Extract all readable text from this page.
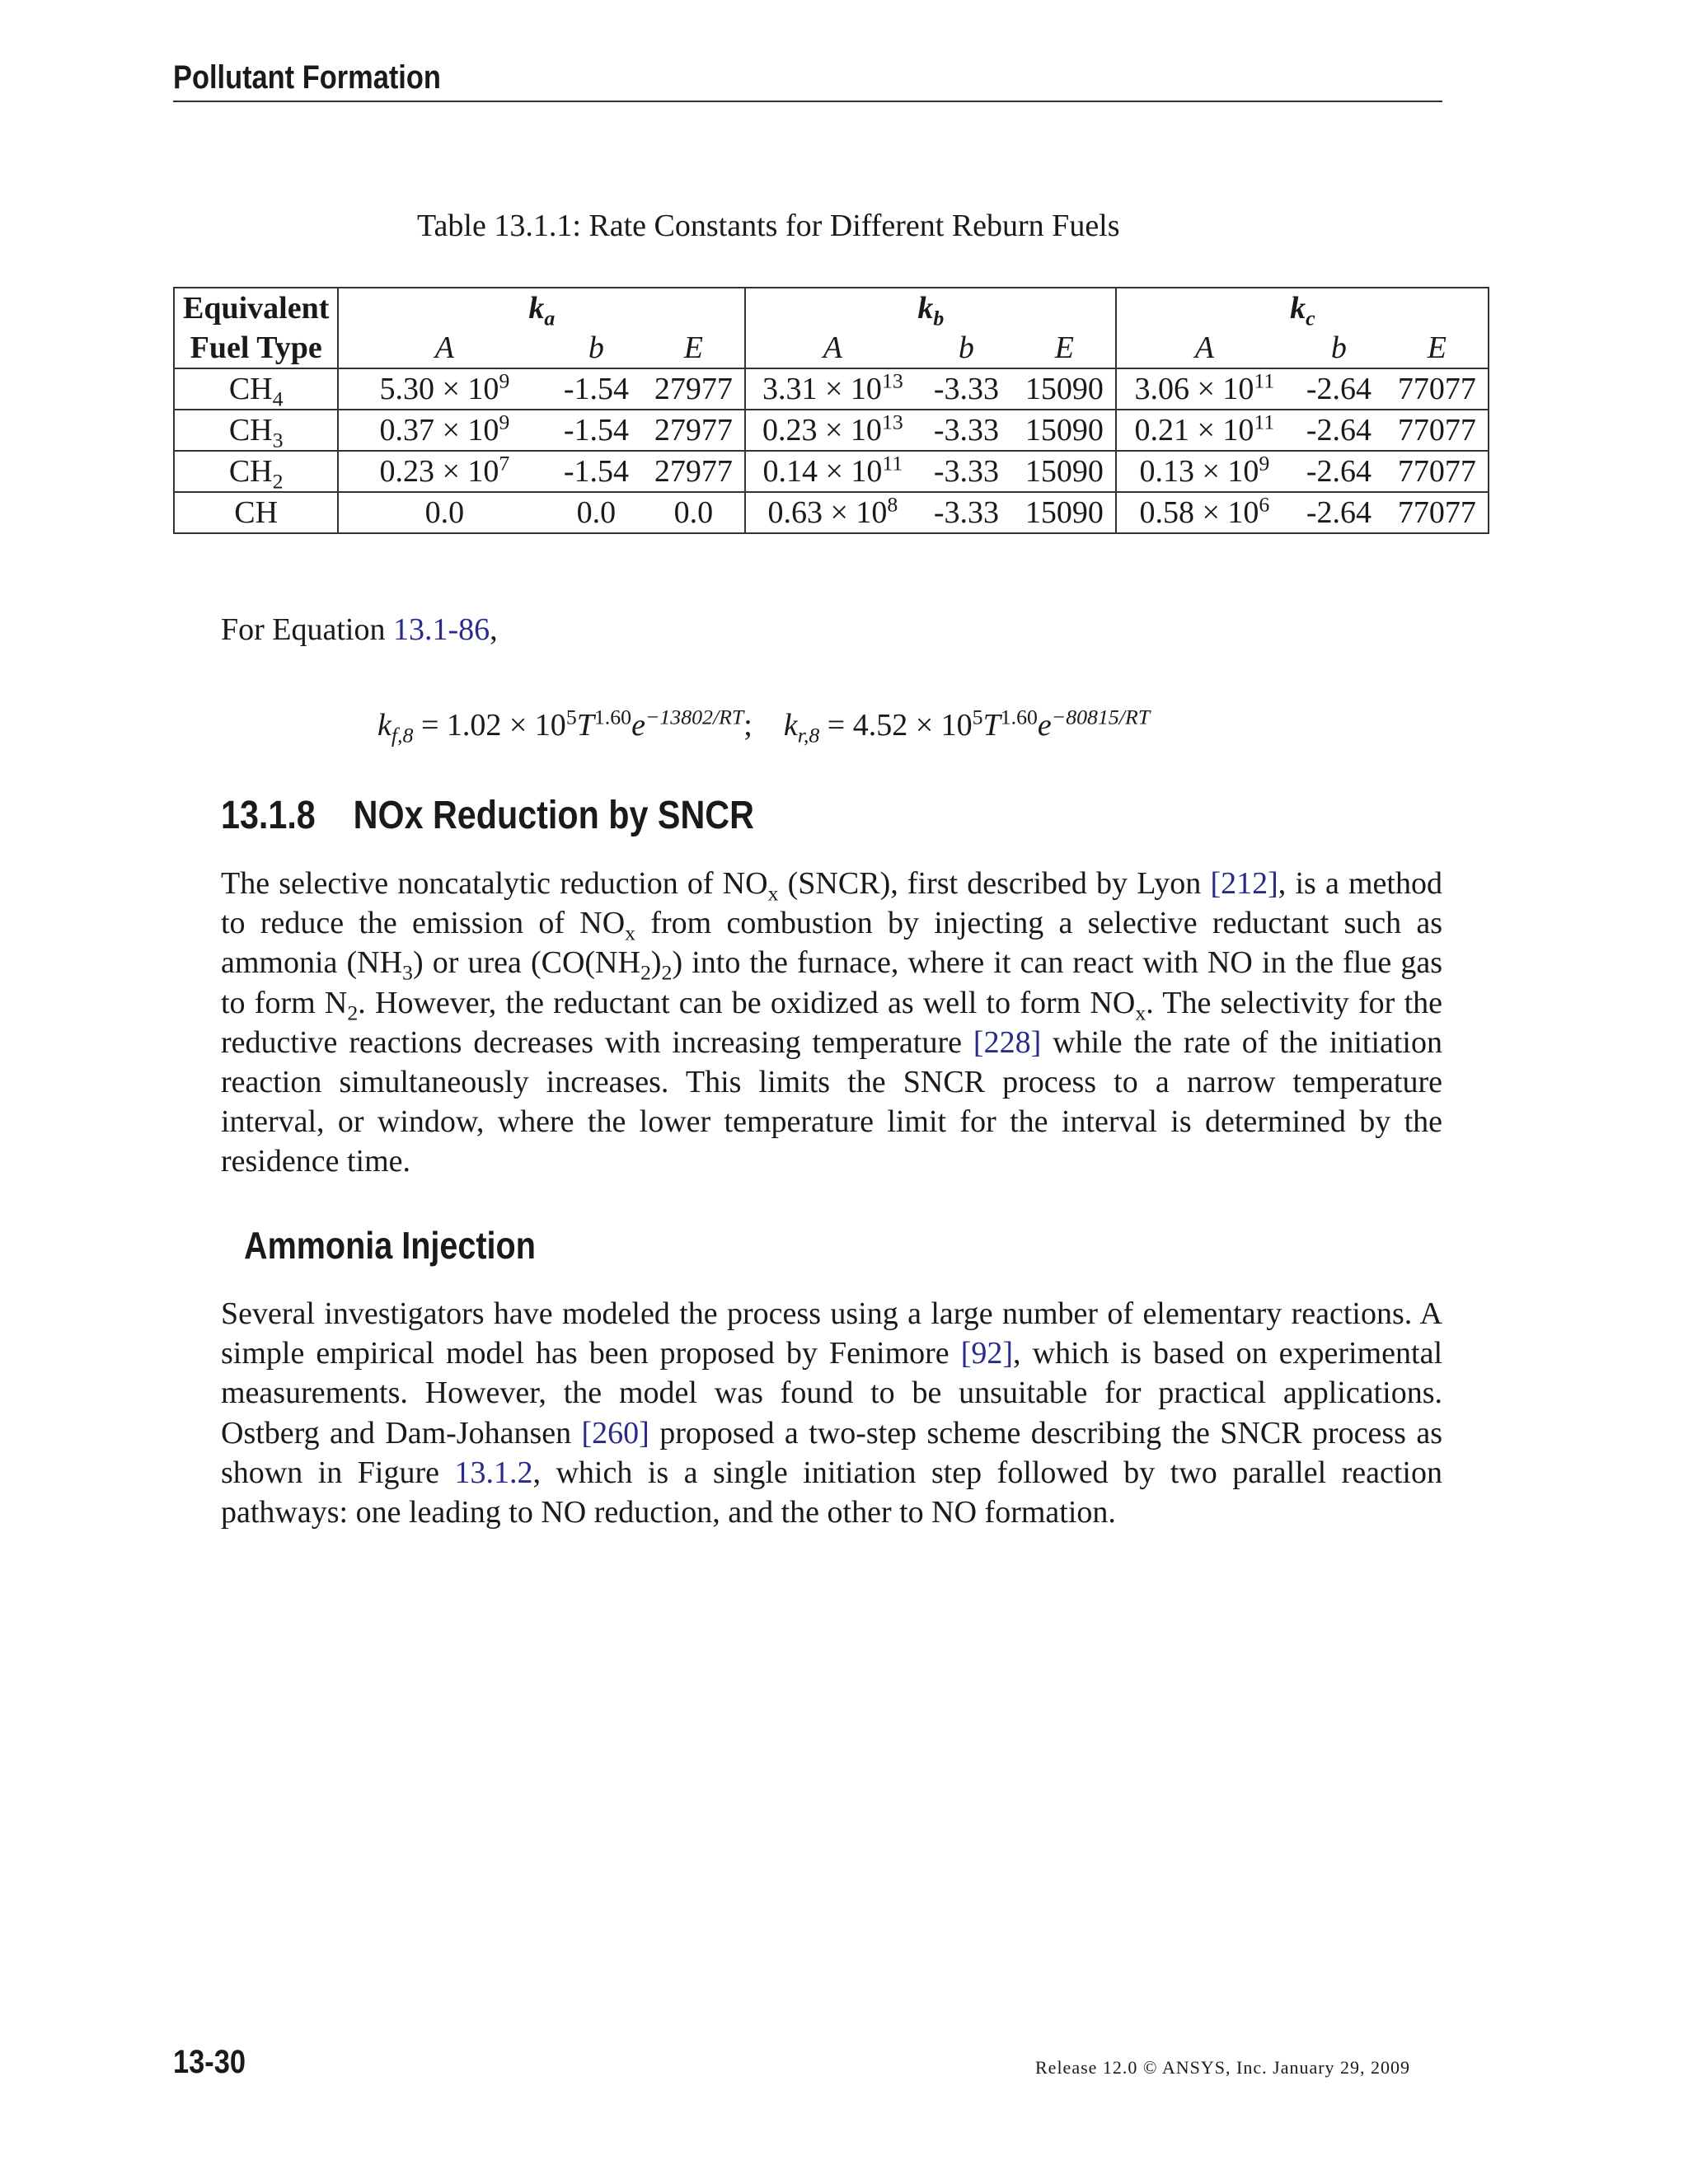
Pollutant Formation
Table 13.1.1: Rate Constants for Different Reburn Fuels
Equivalent	$k_a$			$k_b$			$k_c$
Fuel Type	A	b	E	A	b	E	A	b	E
$CH_4$	$5.30 \times 10^9$	-1.54	27977	$3.31 \times 10^{13}$	-3.33	15090	$3.06 \times 10^{11}$	-2.64	77077
$CH_3$	$0.37 \times 10^9$	-1.54	27977	$0.23 \times 10^{13}$	-3.33	15090	$0.21 \times 10^{11}$	-2.64	77077
$CH_2$	$0.23 \times 10^7$	-1.54	27977	$0.14 \times 10^{11}$	-3.33	15090	$0.13 \times 10^9$	-2.64	77077
CH	0.0	0.0	0.0	$0.63 \times 10^8$	-3.33	15090	$0.58 \times 10^6$	-2.64	77077
For Equation 13.1-86,
$k_{f,8} = 1.02 \times 10^5T^{1.60}e^{-13802/RT}$; $k_{r,8} = 4.52 \times 10^5T^{1.60}e^{-80815/RT}$
13.1.8 NOx Reduction by SNCR

The selective noncatalytic reduction of $NO_x$ (SNCR), first described by Lyon [212], is a method to reduce the emission of $NO_x$ from combustion by injecting a selective reductant such as ammonia $(NH_3)$ or urea $(CO(NH_2)_2)$ into the furnace, where it can react with NO in the flue gas to form $N_2$. However, the reductant can be oxidized as well to form $NO_x$. The selectivity for the reductive reactions decreases with increasing temperature [228] while the rate of the initiation reaction simultaneously increases. This limits the SNCR process to a narrow temperature interval, or window, where the lower temperature limit for the interval is determined by the residence time.

Ammonia Injection

Several investigators have modeled the process using a large number of elementary reactions. A simple empirical model has been proposed by Fenimore [92], which is based on experimental measurements. However, the model was found to be unsuitable for practical applications. Ostberg and Dam-Johansen [260] proposed a two-step scheme describing the SNCR process as shown in Figure 13.1.2, which is a single initiation step followed by two parallel reaction pathways: one leading to NO reduction, and the other to NO formation.

13-30	Release 12.0 © ANSYS, Inc. January 29, 2009
